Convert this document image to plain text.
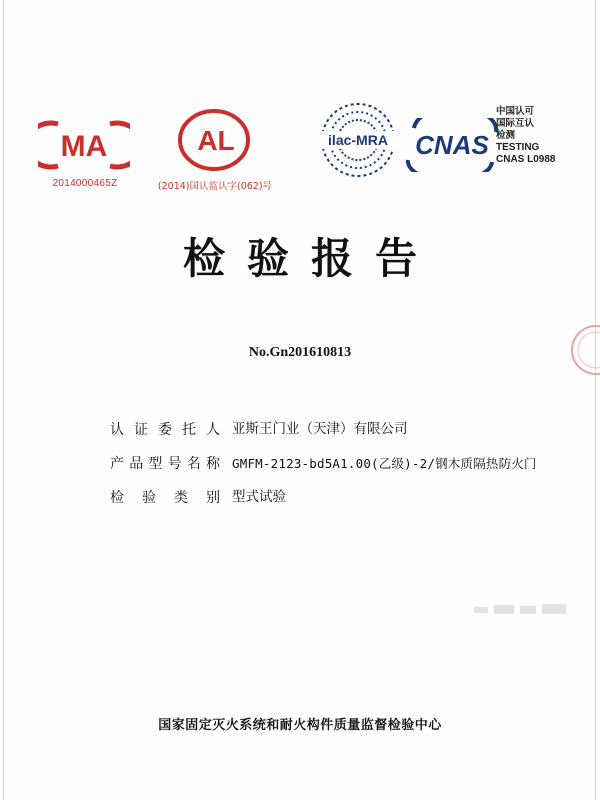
MA
2014000465Z
AL
(2014)国认监认字(062)号
ilac-MRA CNAS
中国认可
国际互认
检测
TESTING
CNAS L0988
检验报告
No.Gn201610813
认 证 委 托 人 亚斯王门业（天津）有限公司
产 品 型 号 名 称 GMFM-2123-bd5A1.00(乙级)-2/钢木质隔热防火门
检 验 类 别 型式试验
国家固定灭火系统和耐火构件质量监督检验中心
